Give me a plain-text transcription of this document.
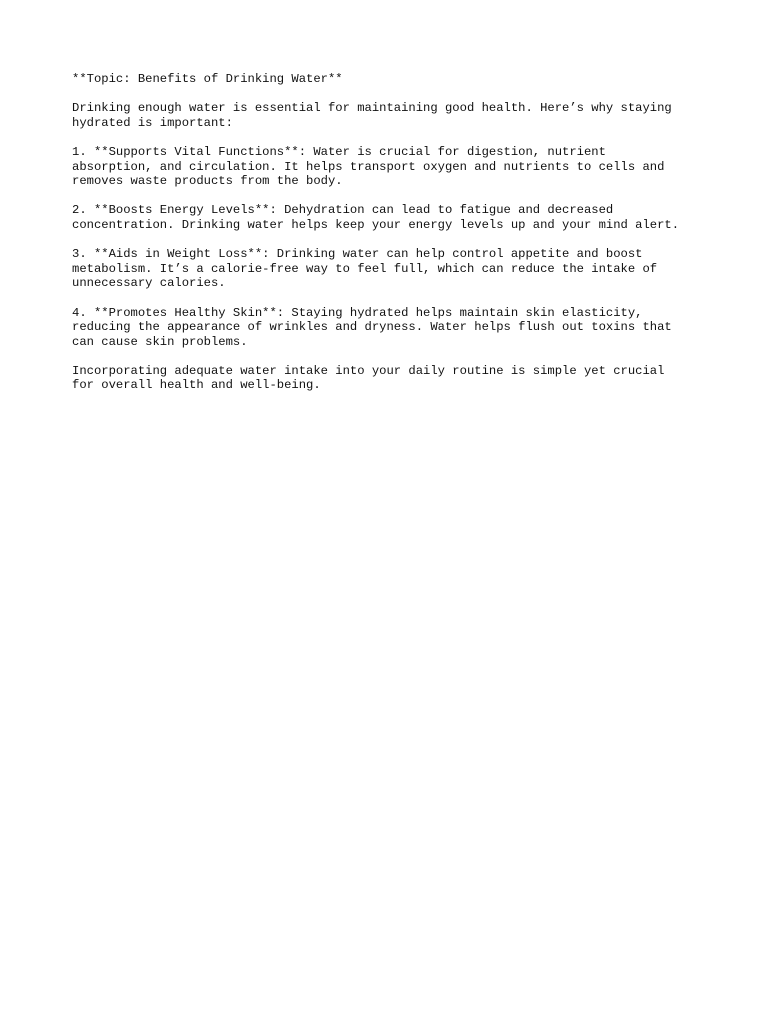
**Topic: Benefits of Drinking Water**

Drinking enough water is essential for maintaining good health. Here’s why staying
hydrated is important:

1. **Supports Vital Functions**: Water is crucial for digestion, nutrient
absorption, and circulation. It helps transport oxygen and nutrients to cells and
removes waste products from the body.

2. **Boosts Energy Levels**: Dehydration can lead to fatigue and decreased
concentration. Drinking water helps keep your energy levels up and your mind alert.

3. **Aids in Weight Loss**: Drinking water can help control appetite and boost
metabolism. It’s a calorie-free way to feel full, which can reduce the intake of
unnecessary calories.

4. **Promotes Healthy Skin**: Staying hydrated helps maintain skin elasticity,
reducing the appearance of wrinkles and dryness. Water helps flush out toxins that
can cause skin problems.

Incorporating adequate water intake into your daily routine is simple yet crucial
for overall health and well-being.
